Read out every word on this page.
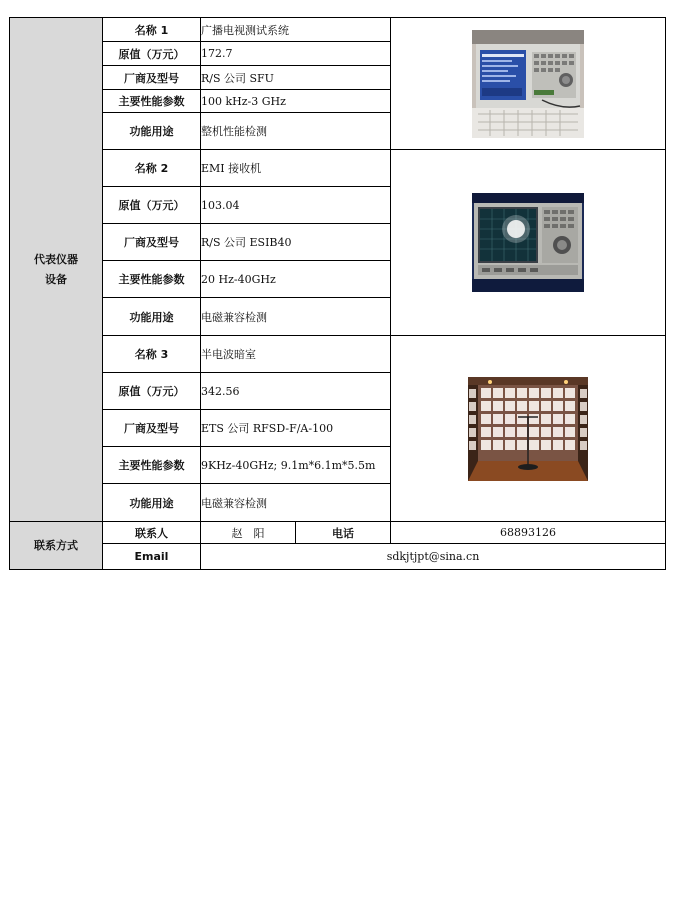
代表仪器
设备	名称 1	广播电视测试系统	
	原值（万元）	172.7		
	厂商及型号	R/S 公司 SFU		
	主要性能参数	100 kHz-3 GHz		
	功能用途	整机性能检测		
	名称 2	EMI 接收机	
	原值（万元）	103.04		
	厂商及型号	R/S 公司 ESIB40		
	主要性能参数	20 Hz-40GHz		
	功能用途	电磁兼容检测		
	名称 3	半电波暗室	
	原值（万元）	342.56		
	厂商及型号	ETS 公司 RFSD-F/A-100		
	主要性能参数	9KHz-40GHz; 9.1m*6.1m*5.5m		
	功能用途	电磁兼容检测		
联系方式	联系人	赵　阳	电话	68893126
	Email	sdkjtjpt@sina.cn		
